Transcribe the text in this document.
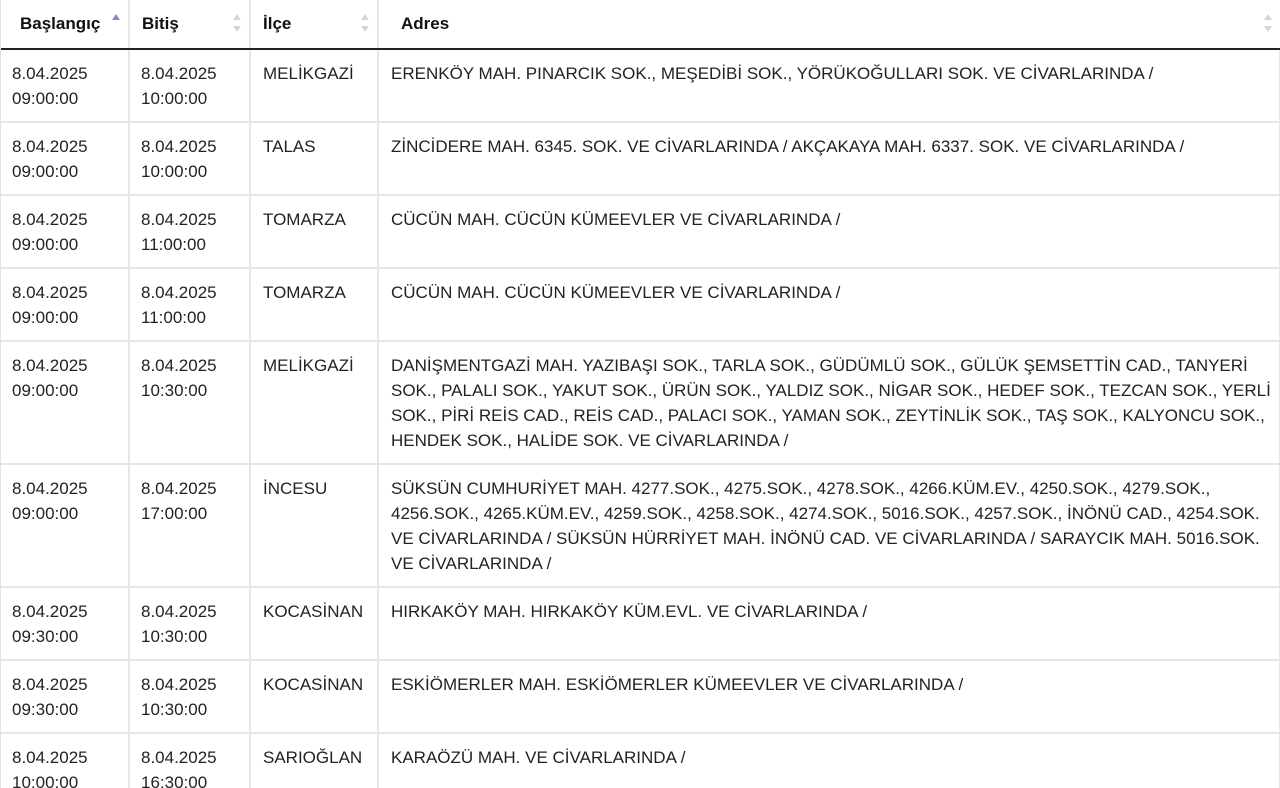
Başlangıç	Bitiş	İlçe	Adres

8.04.2025
09:00:00	8.04.2025
10:00:00	MELİKGAZİ	ERENKÖY MAH. PINARCIK SOK., MEŞEDİBİ SOK., YÖRÜKOĞULLARI SOK. VE CİVARLARINDA /

8.04.2025
09:00:00	8.04.2025
10:00:00	TALAS	ZİNCİDERE MAH. 6345. SOK. VE CİVARLARINDA / AKÇAKAYA MAH. 6337. SOK. VE CİVARLARINDA /

8.04.2025
09:00:00	8.04.2025
11:00:00	TOMARZA	CÜCÜN MAH. CÜCÜN KÜMEEVLER VE CİVARLARINDA /

8.04.2025
09:00:00	8.04.2025
11:00:00	TOMARZA	CÜCÜN MAH. CÜCÜN KÜMEEVLER VE CİVARLARINDA /

8.04.2025
09:00:00	8.04.2025
10:30:00	MELİKGAZİ	DANİŞMENTGAZİ MAH. YAZIBAŞI SOK., TARLA SOK., GÜDÜMLÜ SOK., GÜLÜK ŞEMSETTİN CAD., TANYERİ SOK., PALALI SOK., YAKUT SOK., ÜRÜN SOK., YALDIZ SOK., NİGAR SOK., HEDEF SOK., TEZCAN SOK., YERLİ SOK., PİRİ REİS CAD., REİS CAD., PALACI SOK., YAMAN SOK., ZEYTİNLİK SOK., TAŞ SOK., KALYONCU SOK., HENDEK SOK., HALİDE SOK. VE CİVARLARINDA /

8.04.2025
09:00:00	8.04.2025
17:00:00	İNCESU	SÜKSÜN CUMHURİYET MAH. 4277.SOK., 4275.SOK., 4278.SOK., 4266.KÜM.EV., 4250.SOK., 4279.SOK., 4256.SOK., 4265.KÜM.EV., 4259.SOK., 4258.SOK., 4274.SOK., 5016.SOK., 4257.SOK., İNÖNÜ CAD., 4254.SOK. VE CİVARLARINDA / SÜKSÜN HÜRRİYET MAH. İNÖNÜ CAD. VE CİVARLARINDA / SARAYCIK MAH. 5016.SOK. VE CİVARLARINDA /

8.04.2025
09:30:00	8.04.2025
10:30:00	KOCASİNAN	HIRKAKÖY MAH. HIRKAKÖY KÜM.EVL. VE CİVARLARINDA /

8.04.2025
09:30:00	8.04.2025
10:30:00	KOCASİNAN	ESKİÖMERLER MAH. ESKİÖMERLER KÜMEEVLER VE CİVARLARINDA /

8.04.2025
10:00:00	8.04.2025
16:30:00	SARIOĞLAN	KARAÖZÜ MAH. VE CİVARLARINDA /
